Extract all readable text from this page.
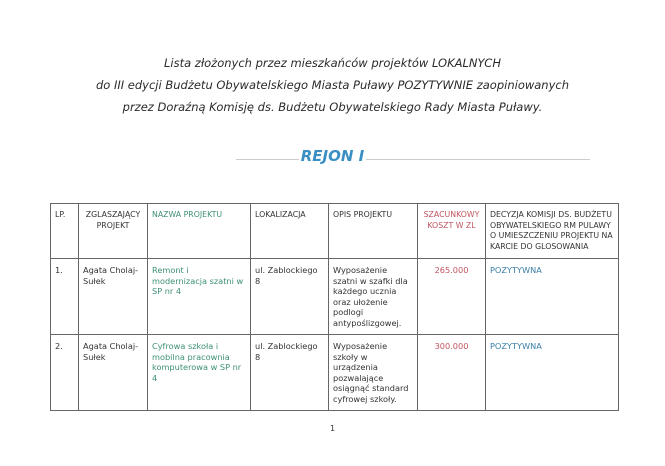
Lista złożonych przez mieszkańców projektów LOKALNYCH
do III edycji Budżetu Obywatelskiego Miasta Puławy POZYTYWNIE zaopiniowanych
przez Doraźną Komisję ds. Budżetu Obywatelskiego Rady Miasta Puławy.
REJON I
LP.	ZGLASZAJĄCY PROJEKT	NAZWA PROJEKTU	LOKALIZACJA	OPIS PROJEKTU	SZACUNKOWY KOSZT W ZL	DECYZJA KOMISJI DS. BUDŻETU OBYWATELSKIEGO RM PULAWY O UMIESZCZENIU PROJEKTU NA KARCIE DO GLOSOWANIA
1.	Agata Cholaj-Sułek	Remont i modernizacja szatni w SP nr 4	ul. Zablockiego 8	Wyposażenie szatni w szafki dla każdego ucznia oraz ułożenie podlogi antypoślizgowej.	265.000	POZYTYWNA
2.	Agata Cholaj-Sułek	Cyfrowa szkoła i mobilna pracownia komputerowa w SP nr 4	ul. Zablockiego 8	Wyposażenie szkoły w urządzenia pozwalające osiągnąć standard cyfrowej szkoły.	300.000	POZYTYWNA
1
